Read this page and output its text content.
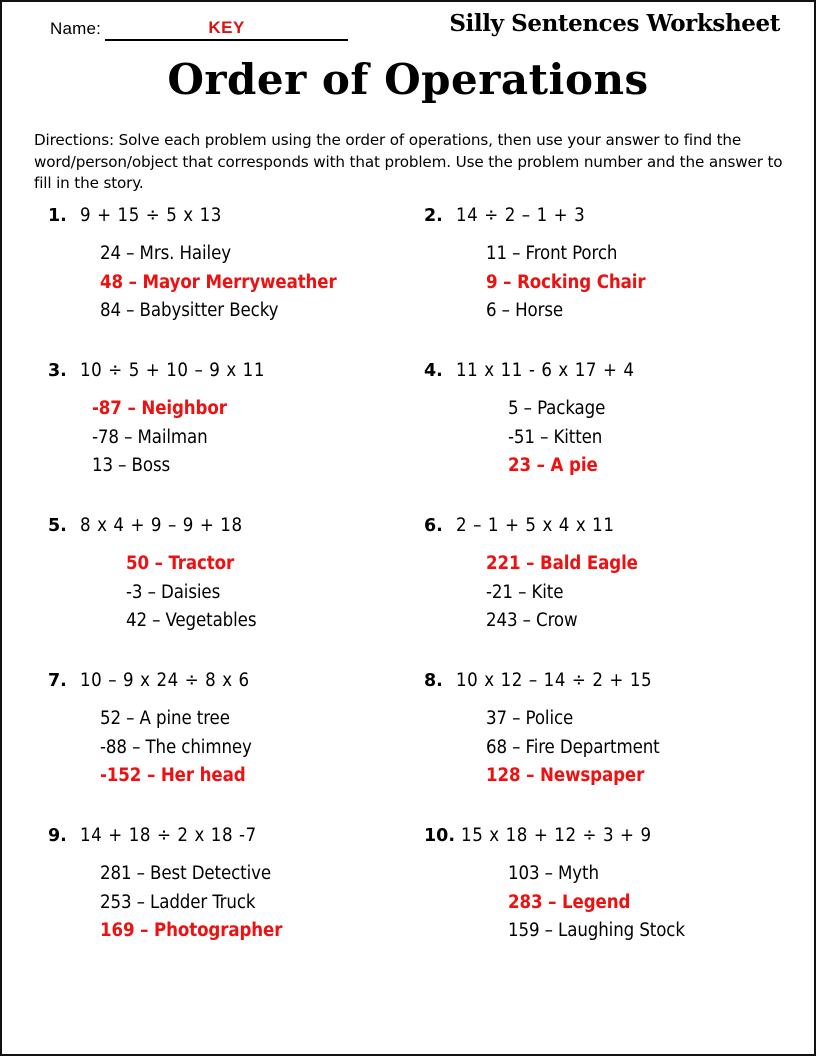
Name:	KEY	Silly Sentences Worksheet
Order of Operations

Directions: Solve each problem using the order of operations, then use your answer to find the word/person/object that corresponds with that problem. Use the problem number and the answer to fill in the story.

1. 9 + 15 ÷ 5 x 13
24 – Mrs. Hailey
48 – Mayor Merryweather
84 – Babysitter Becky
2. 14 ÷ 2 – 1 + 3
11 – Front Porch
9 – Rocking Chair
6 – Horse
3. 10 ÷ 5 + 10 – 9 x 11
-87 – Neighbor
-78 – Mailman
13 – Boss
4. 11 x 11 - 6 x 17 + 4
5 – Package
-51 – Kitten
23 – A pie
5. 8 x 4 + 9 – 9 + 18
50 – Tractor
-3 – Daisies
42 – Vegetables
6. 2 – 1 + 5 x 4 x 11
221 – Bald Eagle
-21 – Kite
243 – Crow
7. 10 – 9 x 24 ÷ 8 x 6
52 – A pine tree
-88 – The chimney
-152 – Her head
8. 10 x 12 – 14 ÷ 2 + 15
37 – Police
68 – Fire Department
128 – Newspaper
9. 14 + 18 ÷ 2 x 18 -7
281 – Best Detective
253 – Ladder Truck
169 – Photographer
10. 15 x 18 + 12 ÷ 3 + 9
103 – Myth
283 – Legend
159 – Laughing Stock
